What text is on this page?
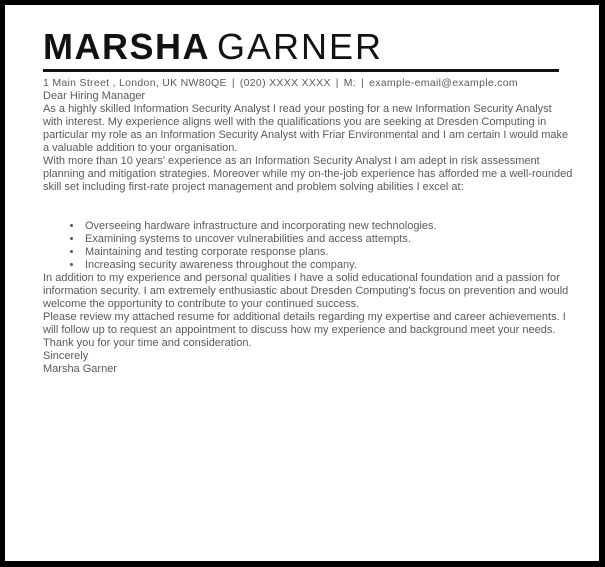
MARSHA GARNER
1 Main Street , London, UK NW80QE | (020) XXXX XXXX | M: | example-email@example.com
Dear Hiring Manager

As a highly skilled Information Security Analyst I read your posting for a new Information Security Analyst with interest. My experience aligns well with the qualifications you are seeking at Dresden Computing in particular my role as an Information Security Analyst with Friar Environmental and I am certain I would make a valuable addition to your organisation.

With more than 10 years' experience as an Information Security Analyst I am adept in risk assessment planning and mitigation strategies. Moreover while my on-the-job experience has afforded me a well-rounded skill set including first-rate project management and problem solving abilities I excel at:

• Overseeing hardware infrastructure and incorporating new technologies.
• Examining systems to uncover vulnerabilities and access attempts.
• Maintaining and testing corporate response plans.
• Increasing security awareness throughout the company.

In addition to my experience and personal qualities I have a solid educational foundation and a passion for information security. I am extremely enthusiastic about Dresden Computing's focus on prevention and would welcome the opportunity to contribute to your continued success.

Please review my attached resume for additional details regarding my expertise and career achievements. I will follow up to request an appointment to discuss how my experience and background meet your needs.

Thank you for your time and consideration.

Sincerely

Marsha Garner
